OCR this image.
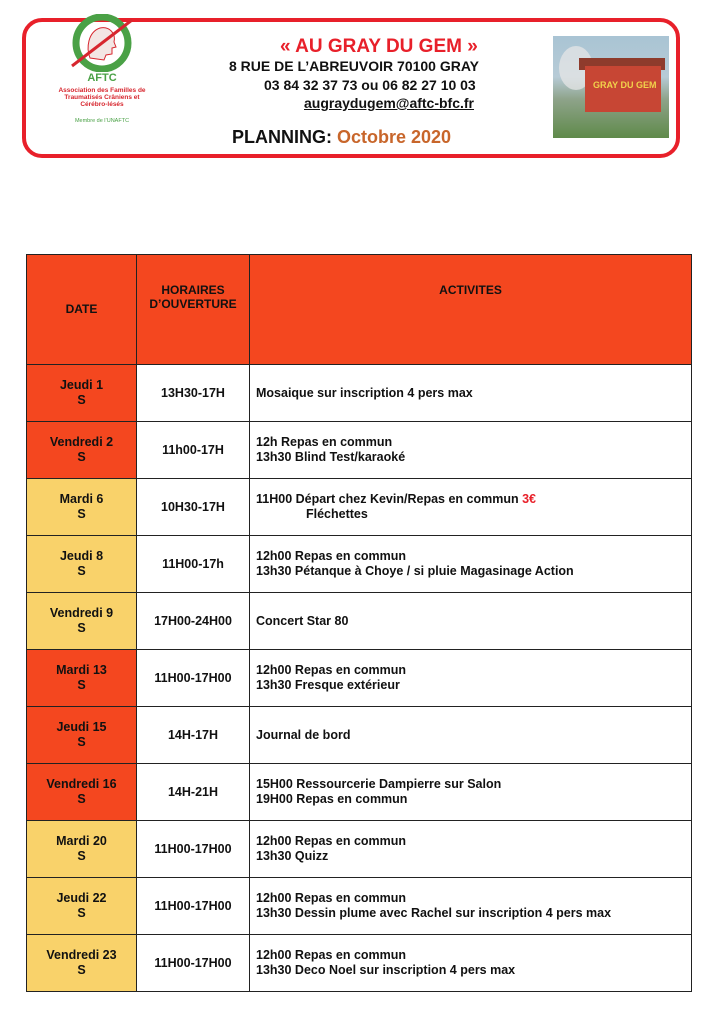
AFTC
Association des Familles de Traumatisés Crâniens et Cérébro-lésés
Membre de l’UNAFTC
« AU GRAY DU GEM »
8 RUE DE L’ABREUVOIR 70100 GRAY
03 84 32 37 73 ou 06 82 27 10 03
augraydugem@aftc-bfc.fr
PLANNING: Octobre 2020
GRAY DU GEM
DATE	HORAIRES D’OUVERTURE	ACTIVITES
Jeudi 1
S	13H30-17H	Mosaique sur inscription 4 pers max

Vendredi 2
S	11h00-17H	12h Repas en commun
13h30 Blind Test/karaoké

Mardi 6
S	10H30-17H	11H00 Départ chez Kevin/Repas en commun 3€
Fléchettes

Jeudi 8
S	11H00-17h	12h00 Repas en commun
13h30 Pétanque à Choye / si pluie Magasinage Action

Vendredi 9
S	17H00-24H00	Concert Star 80

Mardi 13
S	11H00-17H00	12h00 Repas en commun
13h30 Fresque extérieur

Jeudi 15
S	14H-17H	Journal de bord

Vendredi 16
S	14H-21H	15H00 Ressourcerie Dampierre sur Salon
19H00 Repas en commun

Mardi 20
S	11H00-17H00	12h00 Repas en commun
13h30 Quizz

Jeudi 22
S	11H00-17H00	12h00 Repas en commun
13h30 Dessin plume avec Rachel sur inscription 4 pers max

Vendredi 23
S	11H00-17H00	12h00 Repas en commun
13h30 Deco Noel sur inscription 4 pers max
